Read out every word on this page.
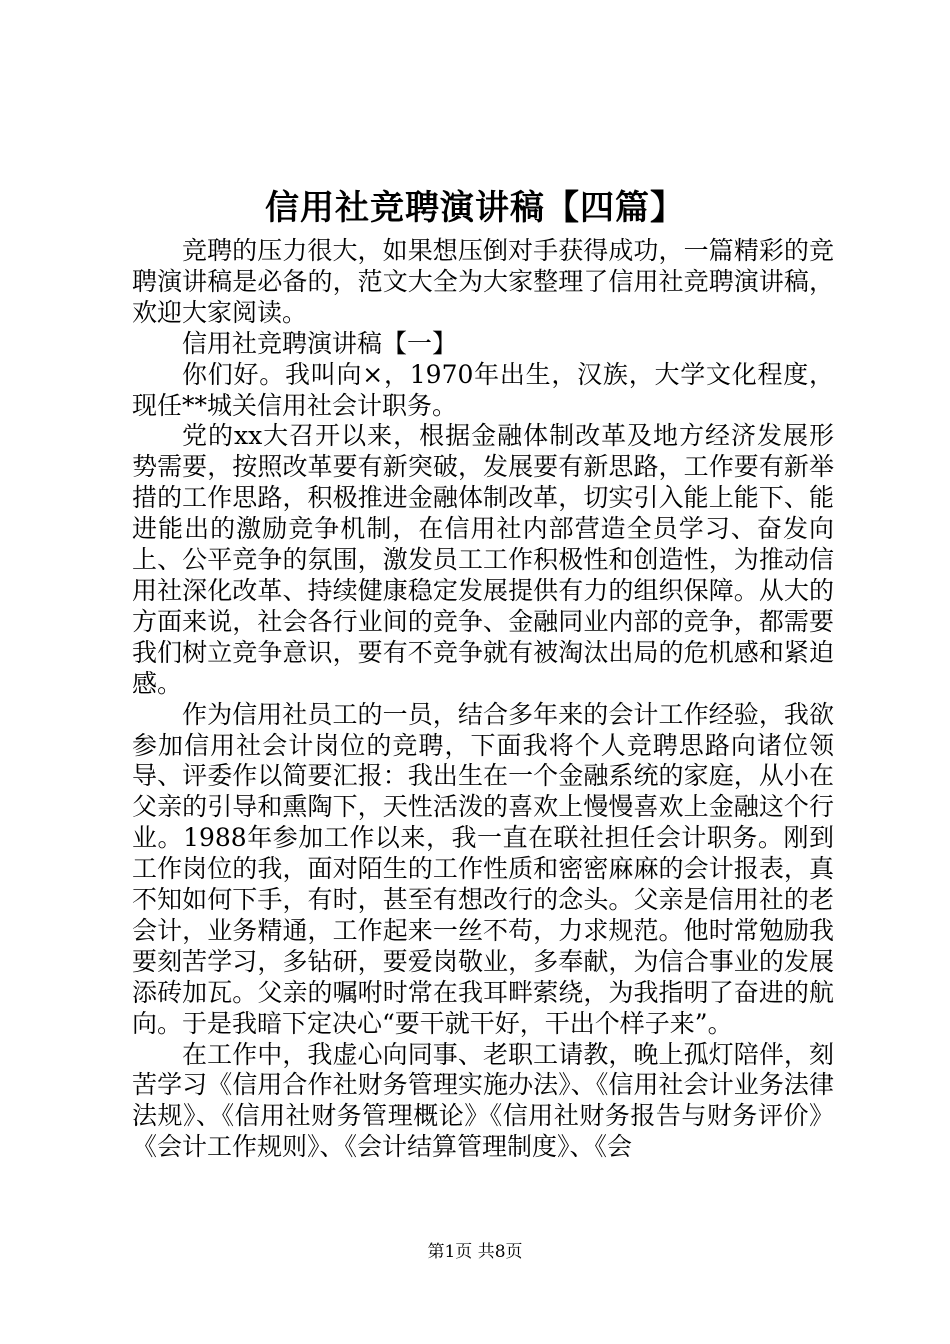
信用社竞聘演讲稿【四篇】

竞聘的压力很大，如果想压倒对手获得成功，一篇精彩的竞聘演讲稿是必备的，范文大全为大家整理了信用社竞聘演讲稿，欢迎大家阅读。

信用社竞聘演讲稿【一】

你们好。我叫向×，1970年出生，汉族，大学文化程度，现任**城关信用社会计职务。

党的xx大召开以来，根据金融体制改革及地方经济发展形势需要，按照改革要有新突破，发展要有新思路，工作要有新举措的工作思路，积极推进金融体制改革，切实引入能上能下、能进能出的激励竞争机制，在信用社内部营造全员学习、奋发向上、公平竞争的氛围，激发员工工作积极性和创造性，为推动信用社深化改革、持续健康稳定发展提供有力的组织保障。从大的方面来说，社会各行业间的竞争、金融同业内部的竞争，都需要我们树立竞争意识，要有不竞争就有被淘汰出局的危机感和紧迫感。

作为信用社员工的一员，结合多年来的会计工作经验，我欲参加信用社会计岗位的竞聘，下面我将个人竞聘思路向诸位领导、评委作以简要汇报：我出生在一个金融系统的家庭，从小在父亲的引导和熏陶下，天性活泼的喜欢上慢慢喜欢上金融这个行业。1988年参加工作以来，我一直在联社担任会计职务。刚到工作岗位的我，面对陌生的工作性质和密密麻麻的会计报表，真不知如何下手，有时，甚至有想改行的念头。父亲是信用社的老会计，业务精通，工作起来一丝不苟，力求规范。他时常勉励我要刻苦学习，多钻研，要爱岗敬业，多奉献，为信合事业的发展添砖加瓦。父亲的嘱咐时常在我耳畔萦绕，为我指明了奋进的航向。于是我暗下定决心“要干就干好，干出个样子来”。

在工作中，我虚心向同事、老职工请教，晚上孤灯陪伴，刻苦学习《信用合作社财务管理实施办法》、《信用社会计业务法律法规》、《信用社财务管理概论》《信用社财务报告与财务评价》《会计工作规则》、《会计结算管理制度》、《会

第1页 共8页
